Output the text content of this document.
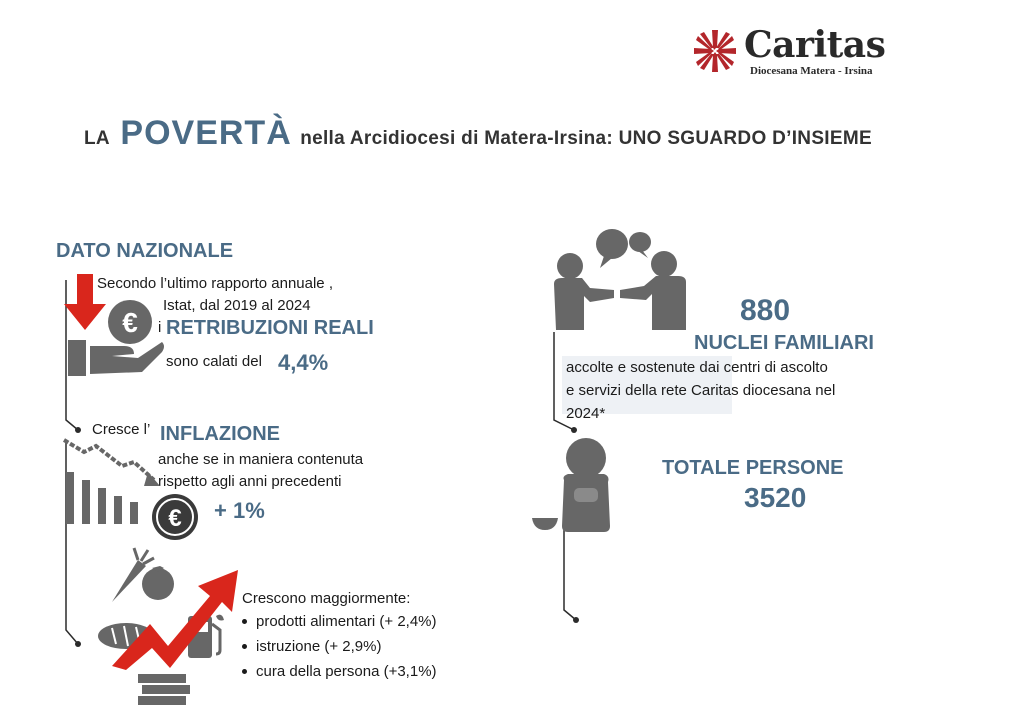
Caritas
Diocesana Matera - Irsina
LA POVERTÀ nella Arcidiocesi di Matera-Irsina: UNO SGUARDO D’INSIEME
DATO NAZIONALE
€
Secondo l’ultimo rapporto annuale ,
Istat, dal 2019 al 2024
i RETRIBUZIONI REALI
sono calati del 4,4%
Cresce l’ INFLAZIONE
anche se in maniera contenuta
rispetto agli anni precedenti
+ 1%
€
Crescono maggiormente:
prodotti alimentari (+ 2,4%)
istruzione (+ 2,9%)
cura della persona (+3,1%)
880
NUCLEI FAMILIARI
accolte e sostenute dai centri di ascolto
e servizi della rete Caritas diocesana nel
2024*
TOTALE PERSONE
3520
